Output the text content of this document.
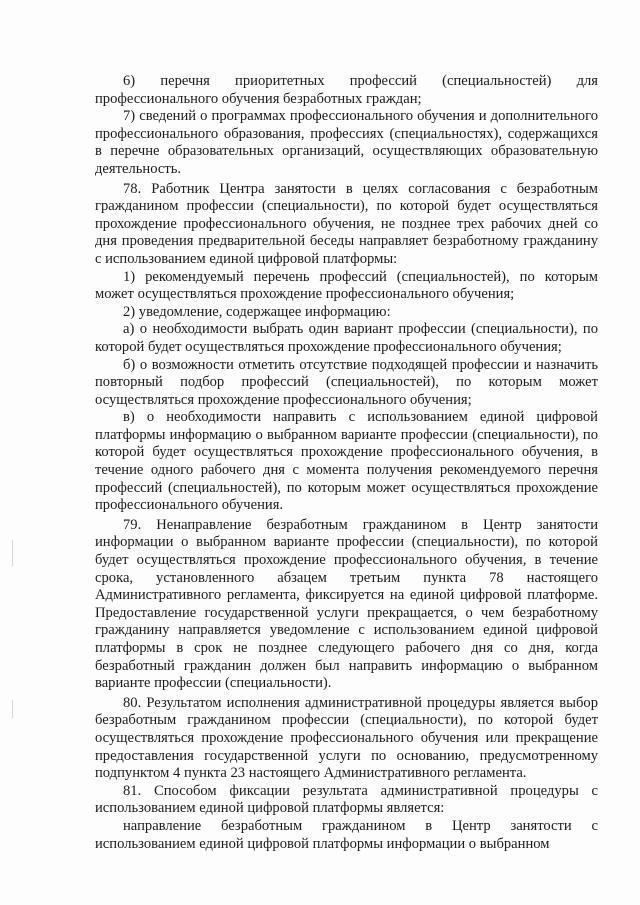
6) перечня приоритетных профессий (специальностей) для профессионального обучения безработных граждан;

7) сведений о программах профессионального обучения и дополнительного профессионального образования, профессиях (специальностях), содержащихся в перечне образовательных организаций, осуществляющих образовательную деятельность.

78. Работник Центра занятости в целях согласования с безработным гражданином профессии (специальности), по которой будет осуществляться прохождение профессионального обучения, не позднее трех рабочих дней со дня проведения предварительной беседы направляет безработному гражданину с использованием единой цифровой платформы:

1) рекомендуемый перечень профессий (специальностей), по которым может осуществляться прохождение профессионального обучения;

2) уведомление, содержащее информацию:

а) о необходимости выбрать один вариант профессии (специальности), по которой будет осуществляться прохождение профессионального обучения;

б) о возможности отметить отсутствие подходящей профессии и назначить повторный подбор профессий (специальностей), по которым может осуществляться прохождение профессионального обучения;

в) о необходимости направить с использованием единой цифровой платформы информацию о выбранном варианте профессии (специальности), по которой будет осуществляться прохождение профессионального обучения, в течение одного рабочего дня с момента получения рекомендуемого перечня профессий (специальностей), по которым может осуществляться прохождение профессионального обучения.

79. Ненаправление безработным гражданином в Центр занятости информации о выбранном варианте профессии (специальности), по которой будет осуществляться прохождение профессионального обучения, в течение срока, установленного абзацем третьим пункта 78 настоящего Административного регламента, фиксируется на единой цифровой платформе. Предоставление государственной услуги прекращается, о чем безработному гражданину направляется уведомление с использованием единой цифровой платформы в срок не позднее следующего рабочего дня со дня, когда безработный гражданин должен был направить информацию о выбранном варианте профессии (специальности).

80. Результатом исполнения административной процедуры является выбор безработным гражданином профессии (специальности), по которой будет осуществляться прохождение профессионального обучения или прекращение предоставления государственной услуги по основанию, предусмотренному подпунктом 4 пункта 23 настоящего Административного регламента.

81. Способом фиксации результата административной процедуры с использованием единой цифровой платформы является:

направление безработным гражданином в Центр занятости с использованием единой цифровой платформы информации о выбранном
